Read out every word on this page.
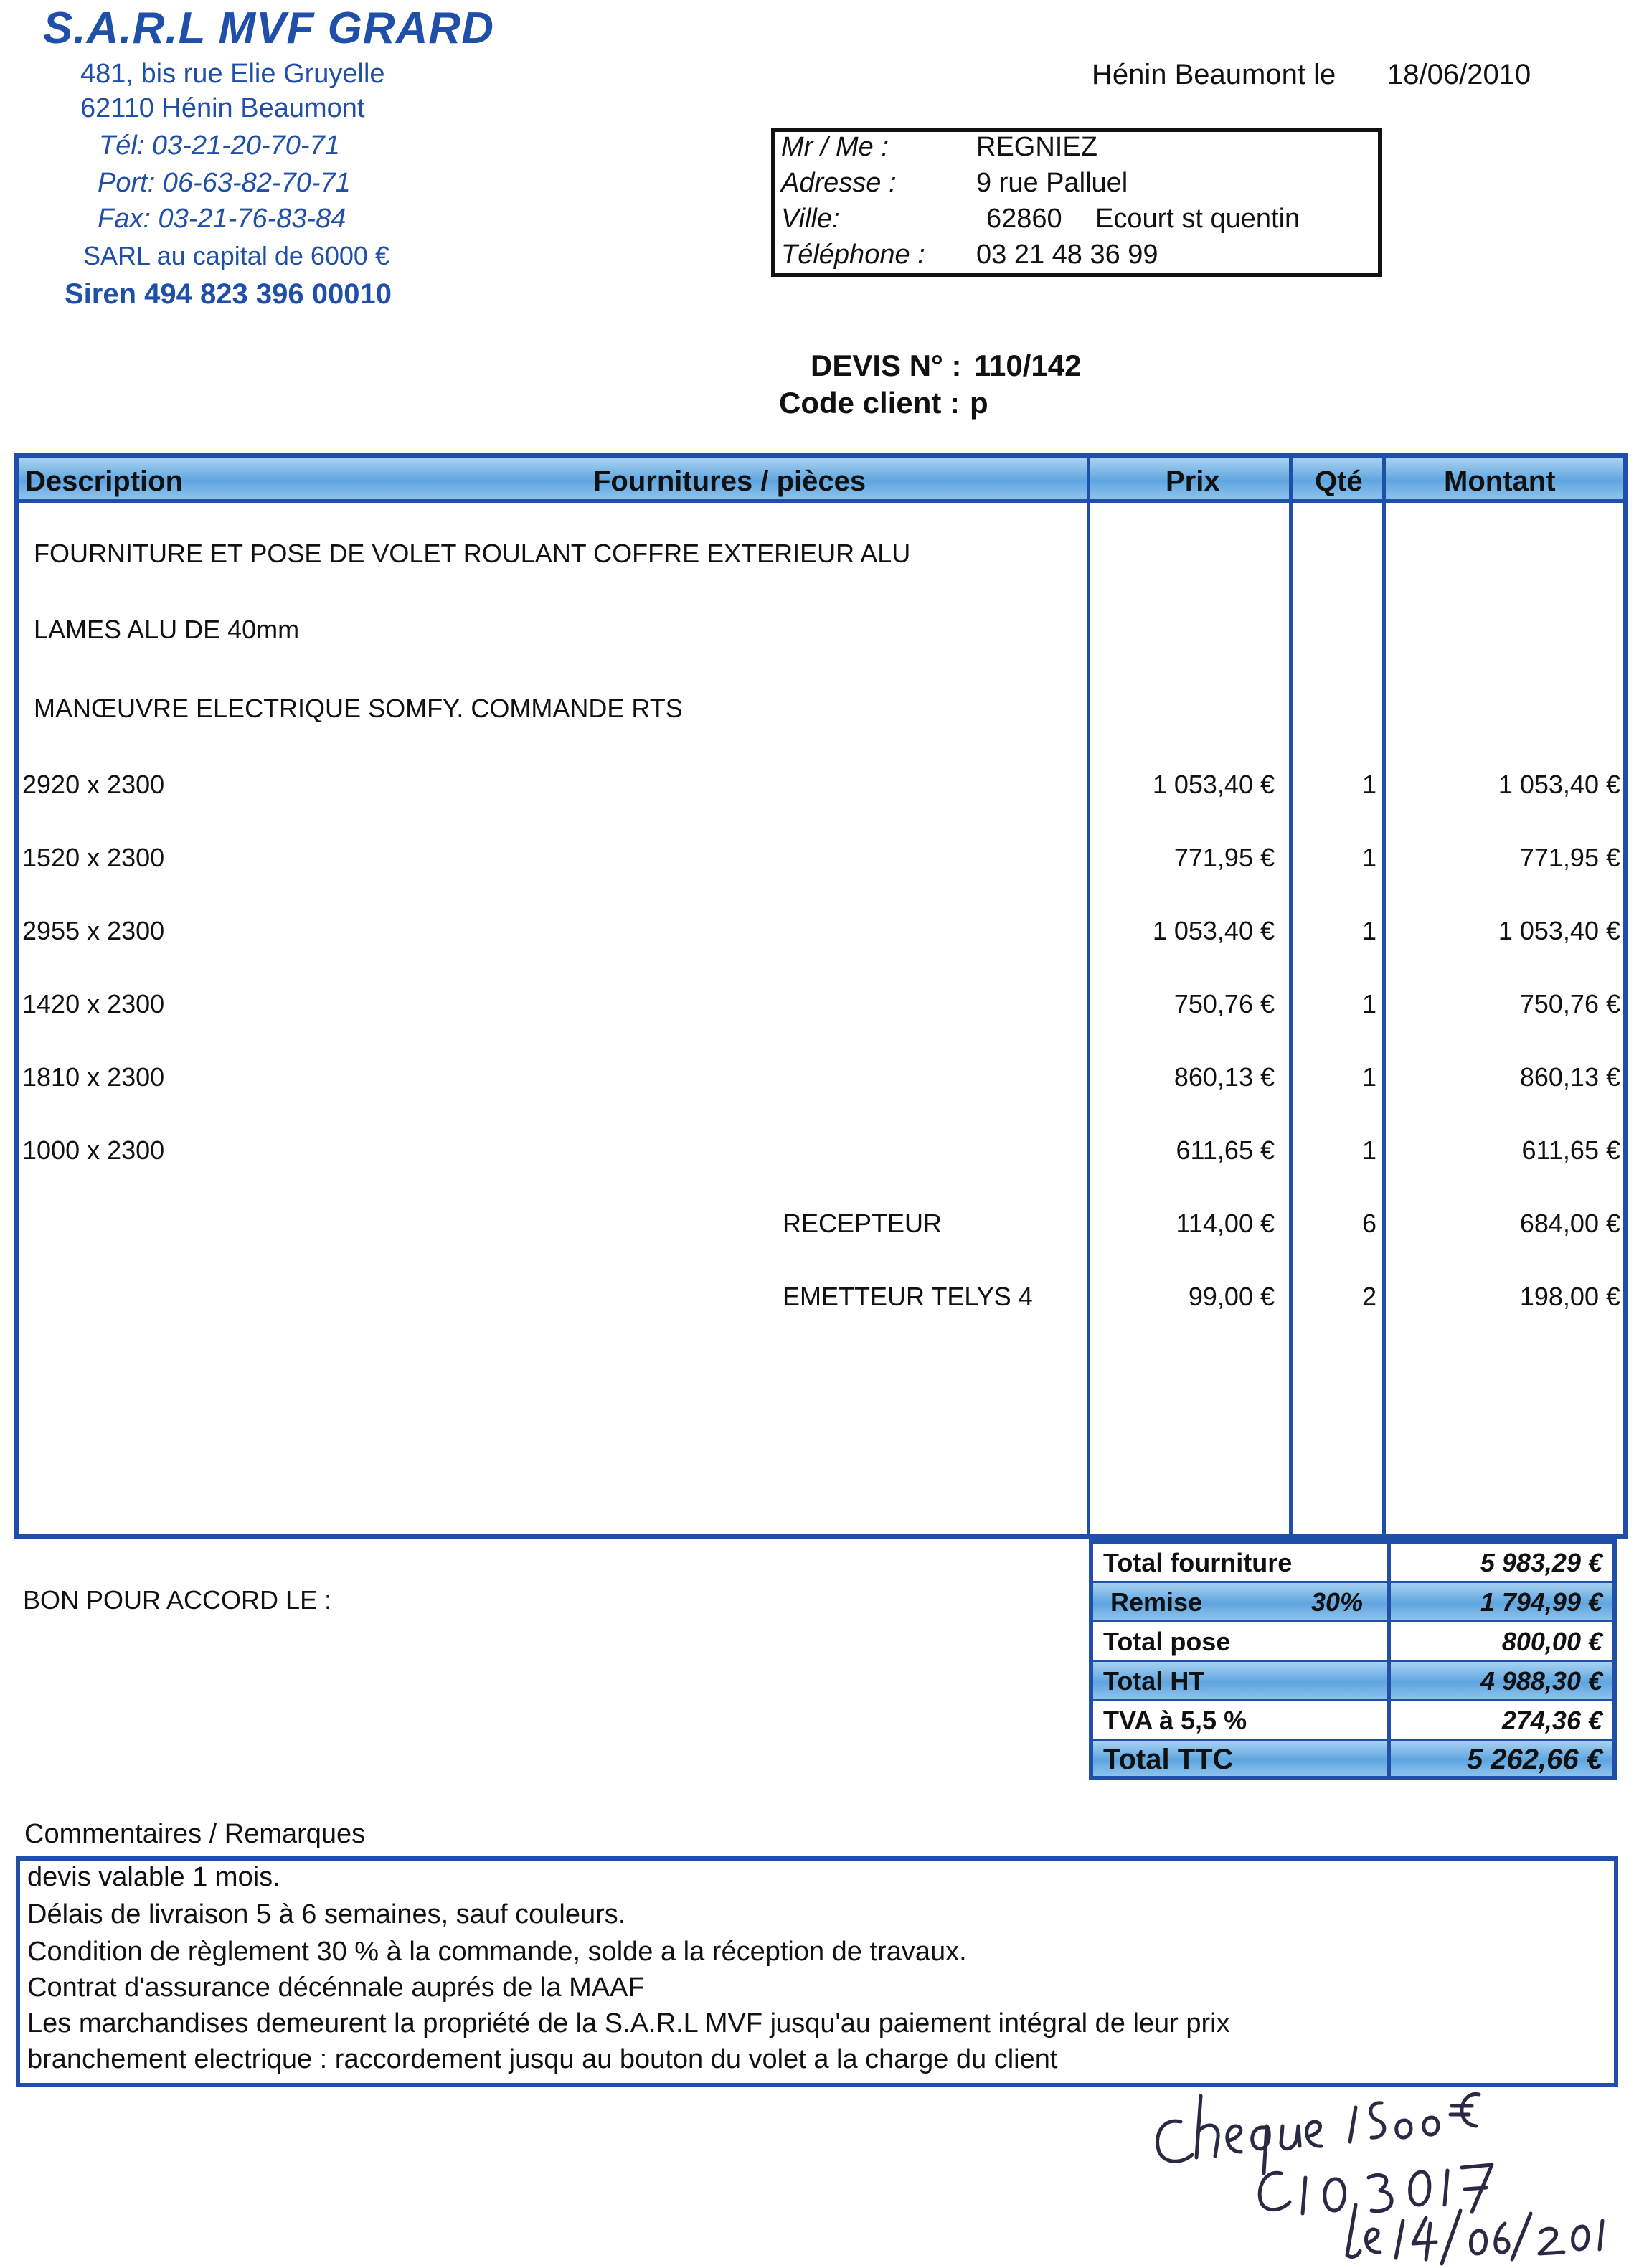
S.A.R.L MVF GRARD
481, bis rue Elie Gruyelle
62110 Hénin Beaumont
Tél: 03-21-20-70-71
Port: 06-63-82-70-71
Fax: 03-21-76-83-84
SARL au capital de 6000 €
Siren 494 823 396 00010
Hénin Beaumont le 18/06/2010
Mr / Me :	REGNIEZ
Adresse :	9 rue Palluel
Ville:	62860 Ecourt st quentin
Téléphone : 03 21 48 36 99
DEVIS N° : 110/142
Code client : p
Description	Fournitures / pièces	Prix	Qté	Montant
FOURNITURE ET POSE DE VOLET ROULANT COFFRE EXTERIEUR ALU
LAMES ALU DE 40mm
MANŒUVRE ELECTRIQUE SOMFY. COMMANDE RTS
2920 x 2300	1 053,40 €	1	1 053,40 €
1520 x 2300	771,95 €	1	771,95 €
2955 x 2300	1 053,40 €	1	1 053,40 €
1420 x 2300	750,76 €	1	750,76 €
1810 x 2300	860,13 €	1	860,13 €
1000 x 2300	611,65 €	1	611,65 €
RECEPTEUR	114,00 €	6	684,00 €
EMETTEUR TELYS 4	99,00 €	2	198,00 €
BON POUR ACCORD LE :
Total fourniture	5 983,29 €
Remise	30%	1 794,99 €
Total pose	800,00 €
Total HT	4 988,30 €
TVA à 5,5 %	274,36 €
Total TTC	5 262,66 €
Commentaires / Remarques
devis valable 1 mois.
Délais de livraison 5 à 6 semaines, sauf couleurs.
Condition de règlement 30 % à la commande, solde a la réception de travaux.
Contrat d'assurance décénnale auprés de la MAAF
Les marchandises demeurent la propriété de la S.A.R.L MVF jusqu'au paiement intégral de leur prix
branchement electrique : raccordement jusqu au bouton du volet a la charge du client
